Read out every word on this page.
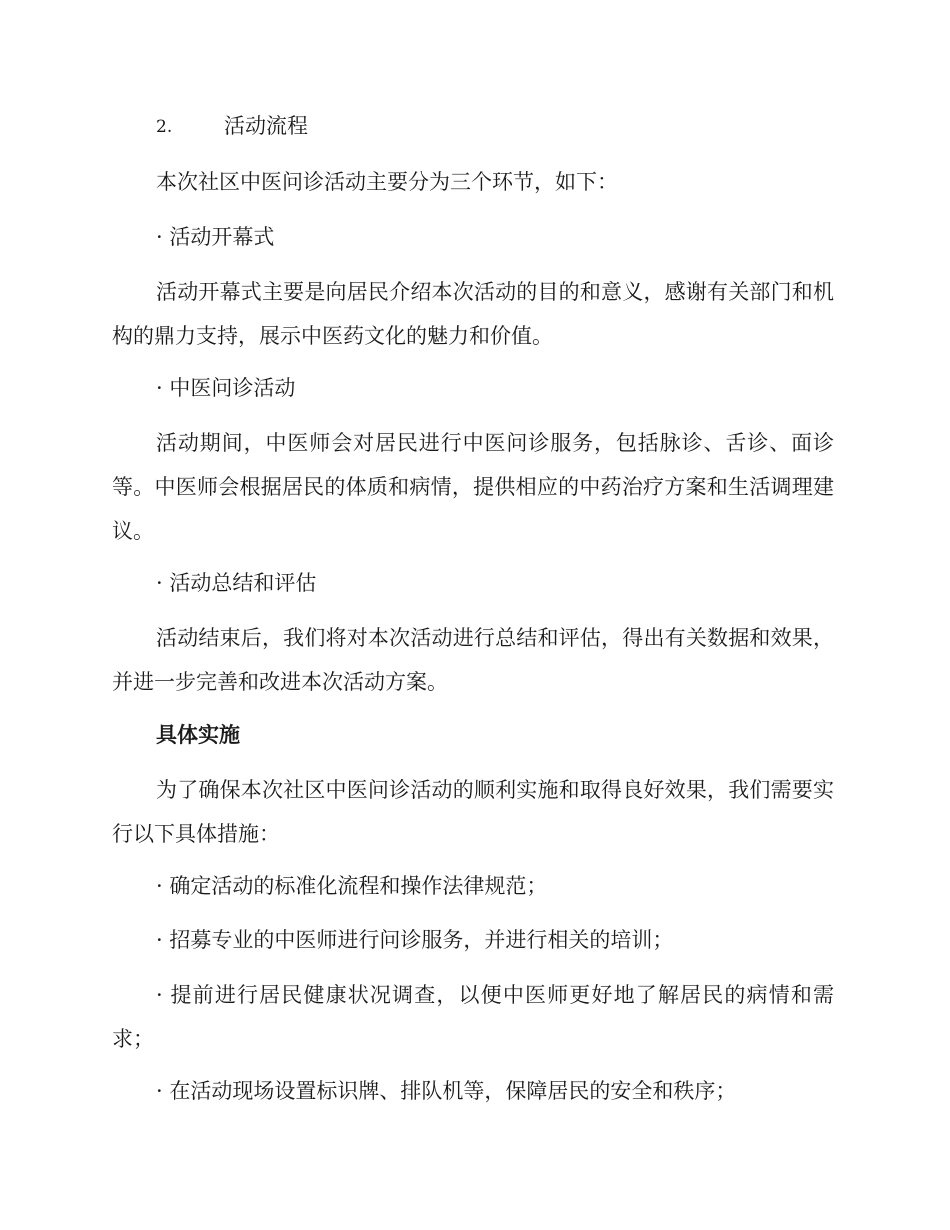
2. 活动流程

本次社区中医问诊活动主要分为三个环节，如下：

· 活动开幕式

活动开幕式主要是向居民介绍本次活动的目的和意义，感谢有关部门和机构的鼎力支持，展示中医药文化的魅力和价值。

· 中医问诊活动

活动期间，中医师会对居民进行中医问诊服务，包括脉诊、舌诊、面诊等。中医师会根据居民的体质和病情，提供相应的中药治疗方案和生活调理建议。

· 活动总结和评估

活动结束后，我们将对本次活动进行总结和评估，得出有关数据和效果，并进一步完善和改进本次活动方案。

具体实施

为了确保本次社区中医问诊活动的顺利实施和取得良好效果，我们需要实行以下具体措施：

· 确定活动的标准化流程和操作法律规范；

· 招募专业的中医师进行问诊服务，并进行相关的培训；

· 提前进行居民健康状况调查，以便中医师更好地了解居民的病情和需求；

· 在活动现场设置标识牌、排队机等，保障居民的安全和秩序；
